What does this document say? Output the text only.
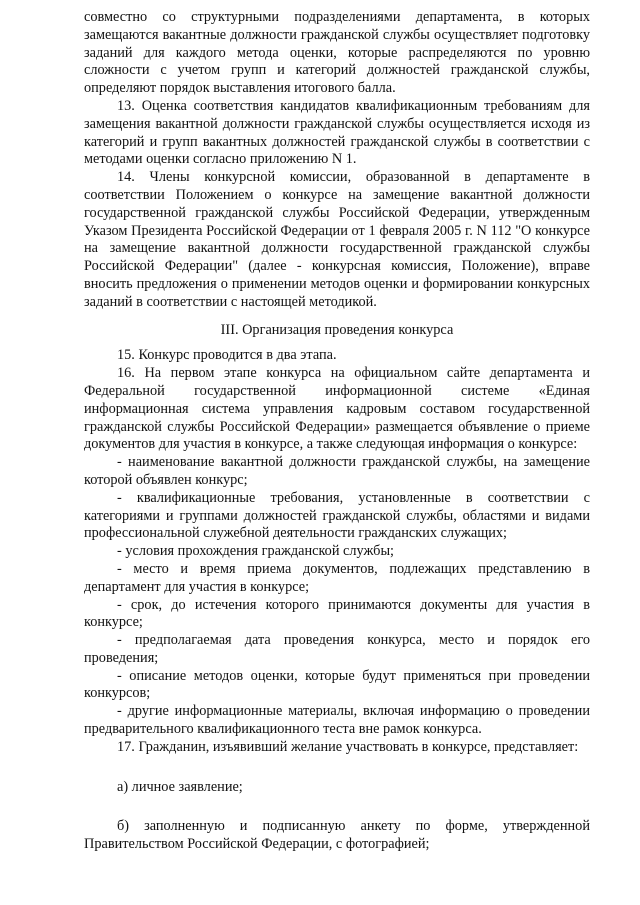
совместно со структурными подразделениями департамента, в которых замещаются вакантные должности гражданской службы осуществляет подготовку заданий для каждого метода оценки, которые распределяются по уровню сложности с учетом групп и категорий должностей гражданской службы, определяют порядок выставления итогового балла.

13. Оценка соответствия кандидатов квалификационным требованиям для замещения вакантной должности гражданской службы осуществляется исходя из категорий и групп вакантных должностей гражданской службы в соответствии с методами оценки согласно приложению N 1.

14. Члены конкурсной комиссии, образованной в департаменте в соответствии Положением о конкурсе на замещение вакантной должности государственной гражданской службы Российской Федерации, утвержденным Указом Президента Российской Федерации от 1 февраля 2005 г. N 112 "О конкурсе на замещение вакантной должности государственной гражданской службы Российской Федерации" (далее - конкурсная комиссия, Положение), вправе вносить предложения о применении методов оценки и формировании конкурсных заданий в соответствии с настоящей методикой.

III. Организация проведения конкурса

15. Конкурс проводится в два этапа.

16. На первом этапе конкурса на официальном сайте департамента и Федеральной государственной информационной системе «Единая информационная система управления кадровым составом государственной гражданской службы Российской Федерации» размещается объявление о приеме документов для участия в конкурсе, а также следующая информация о конкурсе:

- наименование вакантной должности гражданской службы, на замещение которой объявлен конкурс;

- квалификационные требования, установленные в соответствии с категориями и группами должностей гражданской службы, областями и видами профессиональной служебной деятельности гражданских служащих;

- условия прохождения гражданской службы;

- место и время приема документов, подлежащих представлению в департамент для участия в конкурсе;

- срок, до истечения которого принимаются документы для участия в конкурсе;

- предполагаемая дата проведения конкурса, место и порядок его проведения;

- описание методов оценки, которые будут применяться при проведении конкурсов;

- другие информационные материалы, включая информацию о проведении предварительного квалификационного теста вне рамок конкурса.

17. Гражданин, изъявивший желание участвовать в конкурсе, представляет:

а) личное заявление;

б) заполненную и подписанную анкету по форме, утвержденной Правительством Российской Федерации, с фотографией;
